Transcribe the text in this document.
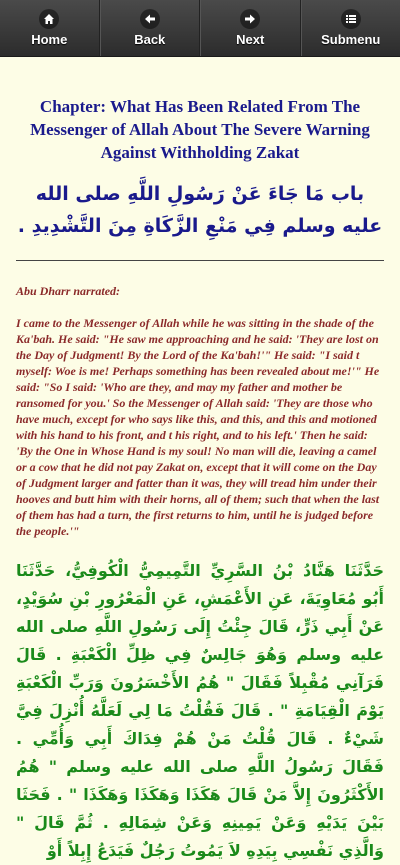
Home	Back	Next	Submenu
Chapter: What Has Been Related From The Messenger of Allah About The Severe Warning Against Withholding Zakat
باب مَا جَاءَ عَنْ رَسُولِ اللَّهِ صلى الله عليه وسلم فِي مَنْعِ الزَّكَاةِ مِنَ التَّشْدِيدِ .
Abu Dharr narrated:
I came to the Messenger of Allah while he was sitting in the shade of the Ka'bah. He said: "He saw me approaching and he said: 'They are lost on the Day of Judgment! By the Lord of the Ka'bah!'" He said: "I said t myself: Woe is me! Perhaps something has been revealed about me!'" He said: "So I said: 'Who are they, and may my father and mother be ransomed for you.' So the Messenger of Allah said: 'They are those who have much, except for who says like this, and this, and this and motioned with his hand to his front, and t his right, and to his left.' Then he said: 'By the One in Whose Hand is my soul! No man will die, leaving a camel or a cow that he did not pay Zakat on, except that it will come on the Day of Judgment larger and fatter than it was, they will tread him under their hooves and butt him with their horns, all of them; such that when the last of them has had a turn, the first returns to him, until he is judged before the people.'"
حَدَّثَنَا هَنَّادُ بْنُ السَّرِيِّ التَّمِيمِيُّ الْكُوفِيُّ، حَدَّثَنَا أَبُو مُعَاوِيَةَ، عَنِ الأَعْمَشِ، عَنِ الْمَعْرُورِ بْنِ سُوَيْدٍ، عَنْ أَبِي ذَرٍّ، قَالَ جِئْتُ إِلَى رَسُولِ اللَّهِ صلى الله عليه وسلم وَهُوَ جَالِسٌ فِي ظِلِّ الْكَعْبَةِ . قَالَ فَرَآنِي مُقْبِلاً فَقَالَ " هُمُ الأَخْسَرُونَ وَرَبِّ الْكَعْبَةِ يَوْمَ الْقِيَامَةِ " . قَالَ فَقُلْتُ مَا لِي لَعَلَّهُ أُنْزِلَ فِيَّ شَيْءٌ . قَالَ قُلْتُ مَنْ هُمْ فِدَاكَ أَبِي وَأُمِّي . فَقَالَ رَسُولُ اللَّهِ صلى الله عليه وسلم " هُمُ الأَكْثَرُونَ إِلاَّ مَنْ قَالَ هَكَذَا وَهَكَذَا وَهَكَذَا " . فَحَثَا بَيْنَ يَدَيْهِ وَعَنْ يَمِينِهِ وَعَنْ شِمَالِهِ . ثُمَّ قَالَ " وَالَّذِي نَفْسِي بِيَدِهِ لاَ يَمُوتُ رَجُلٌ فَيَدَعُ إِبِلاً أَوْ
